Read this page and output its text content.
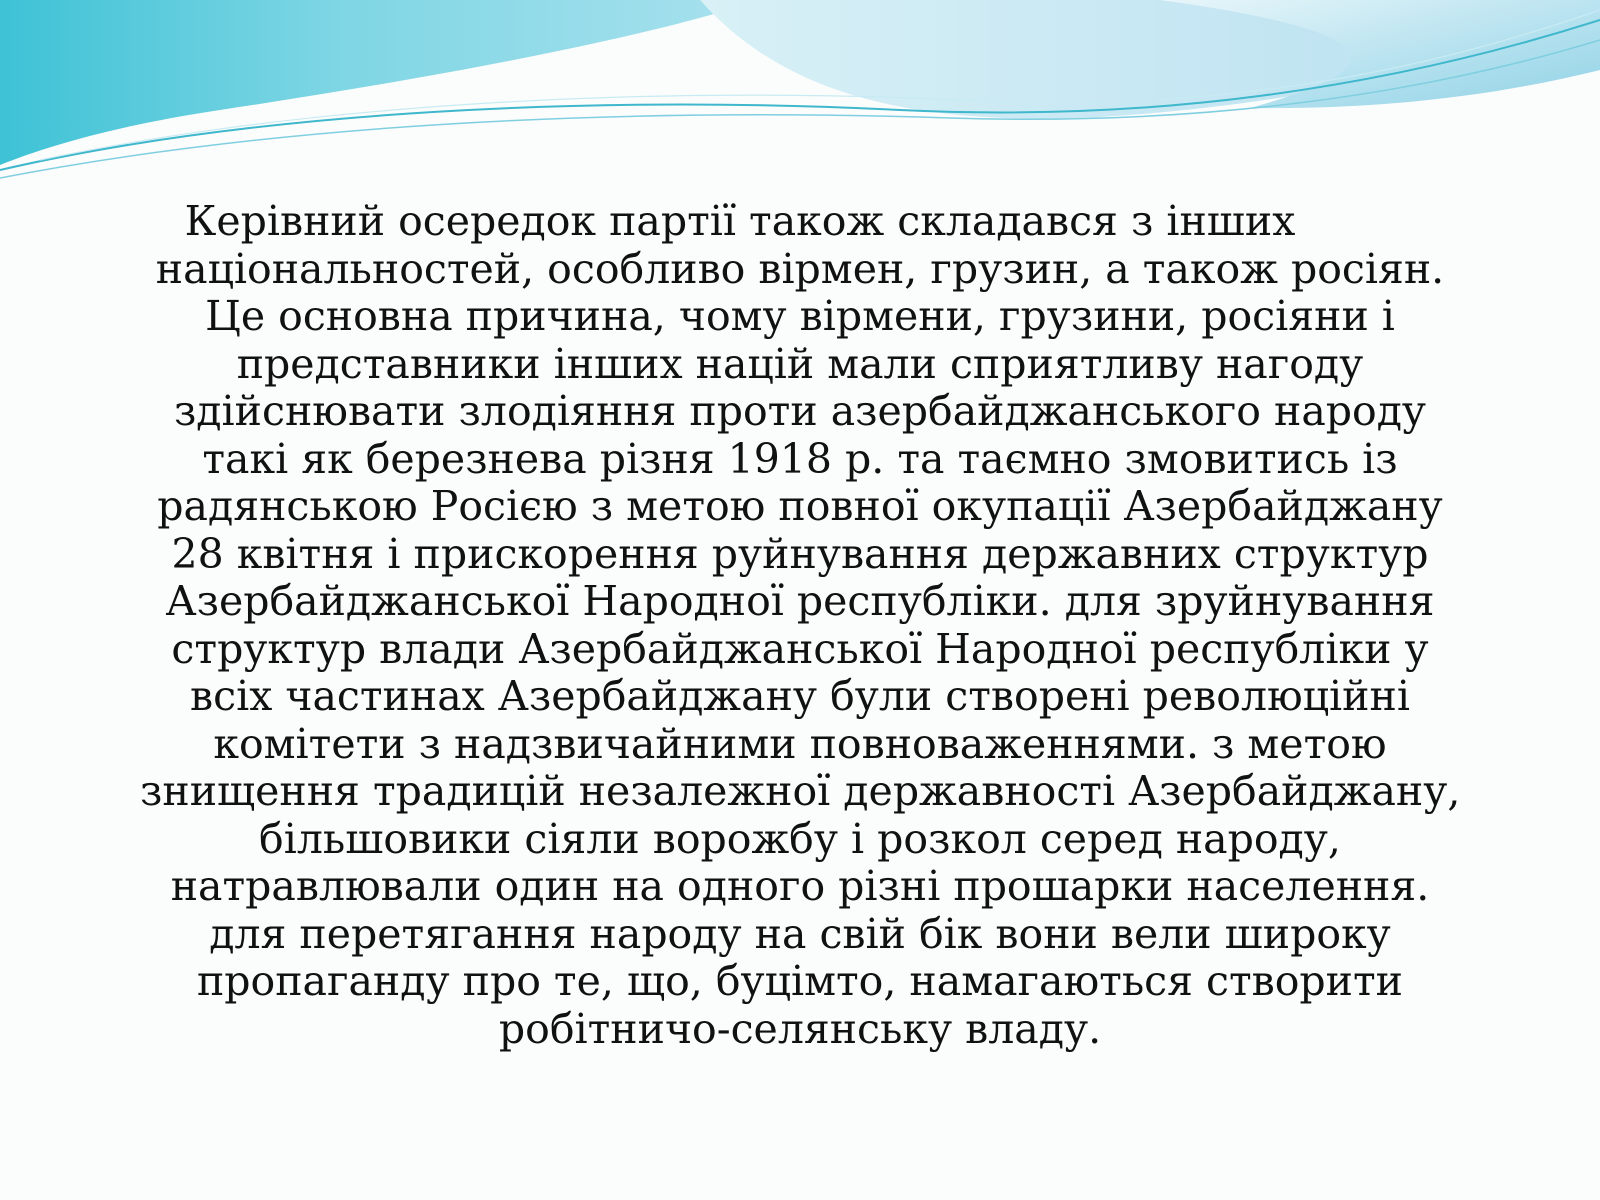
Керівний осередок партії також складався з інших
національностей, особливо вірмен, грузин, а також росіян.
Це основна причина, чому вірмени, грузини, росіяни і
представники інших націй мали сприятливу нагоду
здійснювати злодіяння проти азербайджанського народу
такі як березнева різня 1918 р. та таємно змовитись із
радянською Росією з метою повної окупації Азербайджану
28 квітня і прискорення руйнування державних структур
Азербайджанської Народної республіки. для зруйнування
структур влади Азербайджанської Народної республіки у
всіх частинах Азербайджану були створені революційні
комітети з надзвичайними повноваженнями. з метою
знищення традицій незалежної державності Азербайджану,
більшовики сіяли ворожбу і розкол серед народу,
натравлювали один на одного різні прошарки населення.
для перетягання народу на свій бік вони вели широку
пропаганду про те, що, буцімто, намагаються створити
робітничо-селянську владу.
